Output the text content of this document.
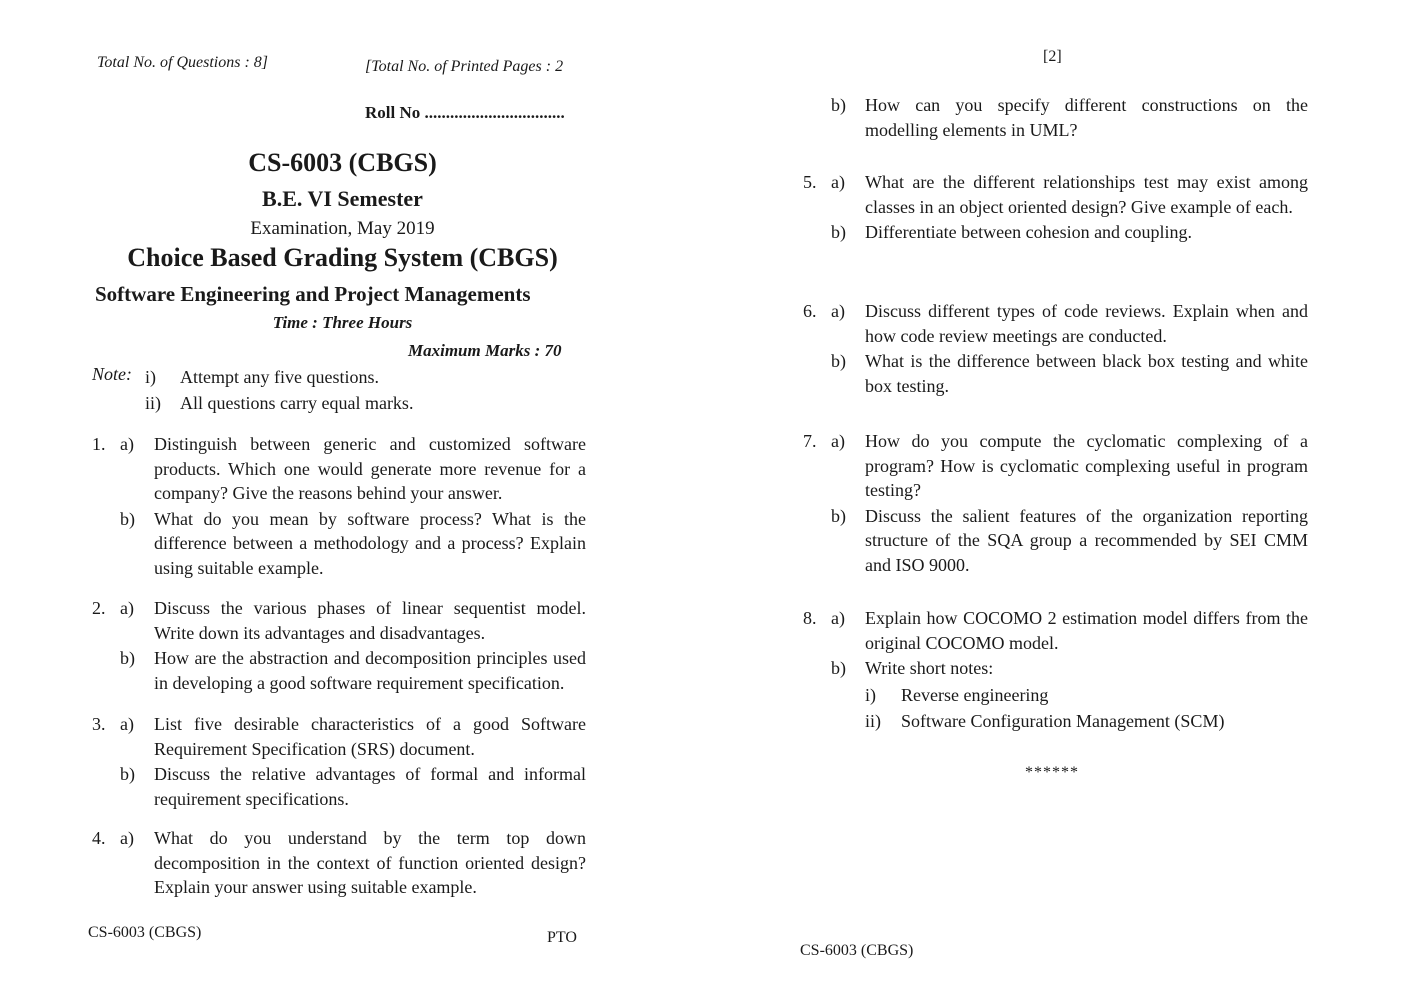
Total No. of Questions : 8]	[Total No. of Printed Pages : 2
Roll No .................................
CS-6003 (CBGS)
B.E. VI Semester
Examination, May 2019
Choice Based Grading System (CBGS)
Software Engineering and Project Managements
Time : Three Hours
Maximum Marks : 70
Note: i)	Attempt any five questions.
ii)	All questions carry equal marks.
1. a)	Distinguish between generic and customized software products. Which one would generate more revenue for a company? Give the reasons behind your answer.
b)	What do you mean by software process? What is the difference between a methodology and a process? Explain using suitable example.
2. a)	Discuss the various phases of linear sequentist model. Write down its advantages and disadvantages.
b)	How are the abstraction and decomposition principles used in developing a good software requirement specification.
3. a)	List five desirable characteristics of a good Software Requirement Specification (SRS) document.
b)	Discuss the relative advantages of formal and informal requirement specifications.
4. a)	What do you understand by the term top down decomposition in the context of function oriented design? Explain your answer using suitable example.
CS-6003 (CBGS)	PTO
[2]
b)	How can you specify different constructions on the modelling elements in UML?
5. a)	What are the different relationships test may exist among classes in an object oriented design? Give example of each.
b)	Differentiate between cohesion and coupling.
6. a)	Discuss different types of code reviews. Explain when and how code review meetings are conducted.
b)	What is the difference between black box testing and white box testing.
7. a)	How do you compute the cyclomatic complexing of a program? How is cyclomatic complexing useful in program testing?
b)	Discuss the salient features of the organization reporting structure of the SQA group a recommended by SEI CMM and ISO 9000.
8. a)	Explain how COCOMO 2 estimation model differs from the original COCOMO model.
b)	Write short notes:
i)	Reverse engineering
ii)	Software Configuration Management (SCM)
******
CS-6003 (CBGS)
